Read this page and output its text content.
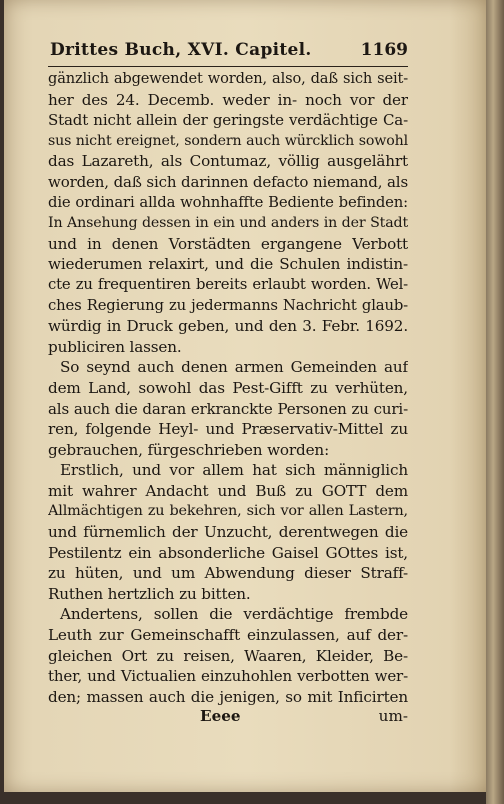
Drittes Buch, XVI. Capitel.	1169
gänzlich abgewendet worden, also, daß sich seit-
her des 24. Decemb. weder in- noch vor der
Stadt nicht allein der geringste verdächtige Ca-
sus nicht ereignet, sondern auch würcklich sowohl
das Lazareth, als Contumaz, völlig ausgelährt
worden, daß sich darinnen defacto niemand, als
die ordinari allda wohnhaffte Bediente befinden:
In Ansehung dessen in ein und anders in der Stadt
und in denen Vorstädten ergangene Verbott
wiederumen relaxirt, und die Schulen indistin-
cte zu frequentiren bereits erlaubt worden. Wel-
ches Regierung zu jedermanns Nachricht glaub-
würdig in Druck geben, und den 3. Febr. 1692.
publiciren lassen.
So seynd auch denen armen Gemeinden auf
dem Land, sowohl das Pest-Gifft zu verhüten,
als auch die daran erkranckte Personen zu curi-
ren, folgende Heyl- und Præservativ-Mittel zu
gebrauchen, fürgeschrieben worden:
Erstlich, und vor allem hat sich männiglich
mit wahrer Andacht und Buß zu GOTT dem
Allmächtigen zu bekehren, sich vor allen Lastern,
und fürnemlich der Unzucht, derentwegen die
Pestilentz ein absonderliche Gaisel GOttes ist,
zu hüten, und um Abwendung dieser Straff-
Ruthen hertzlich zu bitten.
Andertens, sollen die verdächtige frembde
Leuth zur Gemeinschafft einzulassen, auf der-
gleichen Ort zu reisen, Waaren, Kleider, Be-
ther, und Victualien einzuhohlen verbotten wer-
den; massen auch die jenigen, so mit Inficirten
Eeee	um-
